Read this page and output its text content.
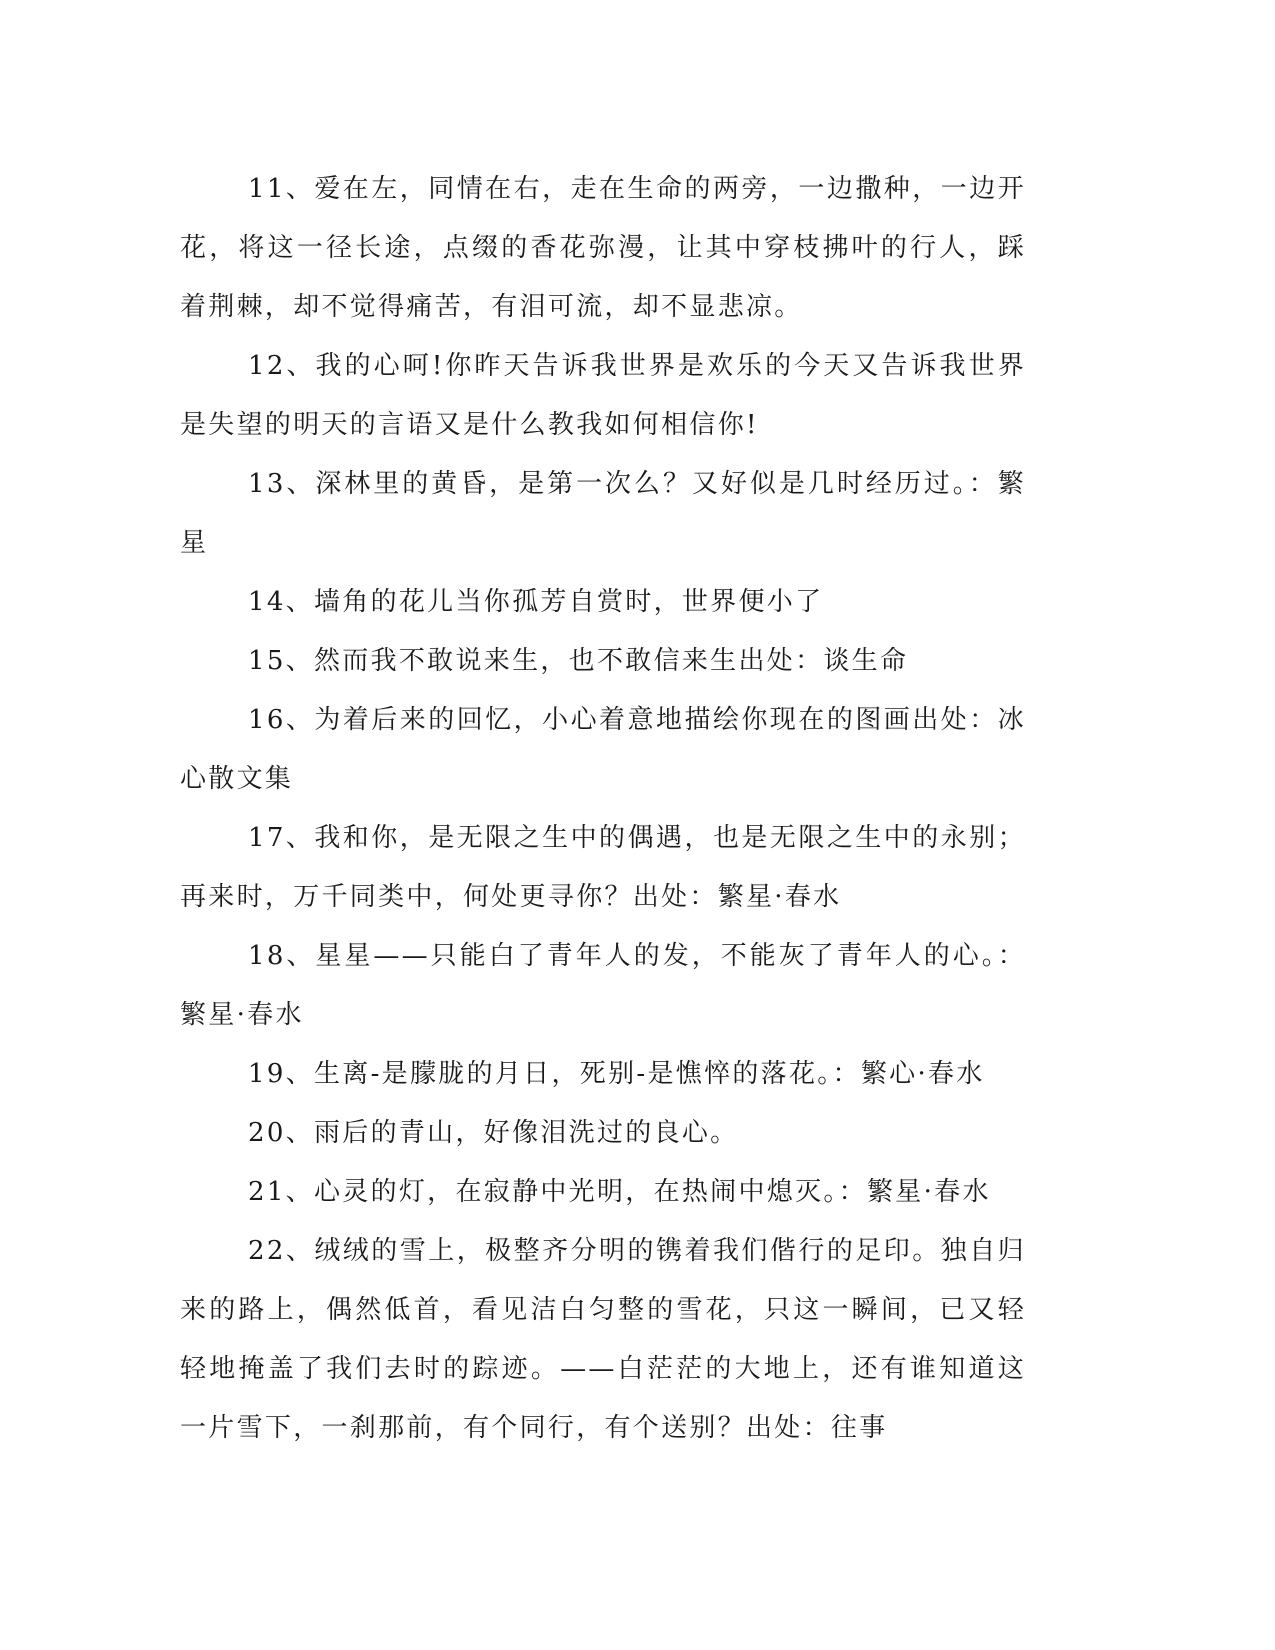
11、爱在左，同情在右，走在生命的两旁，一边撒种，一边开花，将这一径长途，点缀的香花弥漫，让其中穿枝拂叶的行人，踩着荆棘，却不觉得痛苦，有泪可流，却不显悲凉。

12、我的心呵!你昨天告诉我世界是欢乐的今天又告诉我世界是失望的明天的言语又是什么教我如何相信你!

13、深林里的黄昏，是第一次么？又好似是几时经历过。：繁星

14、墙角的花儿当你孤芳自赏时，世界便小了

15、然而我不敢说来生，也不敢信来生出处：谈生命

16、为着后来的回忆，小心着意地描绘你现在的图画出处：冰心散文集

17、我和你，是无限之生中的偶遇，也是无限之生中的永别；再来时，万千同类中，何处更寻你？出处：繁星·春水

18、星星——只能白了青年人的发，不能灰了青年人的心。：繁星·春水

19、生离-是朦胧的月日，死别-是憔悴的落花。：繁心·春水

20、雨后的青山，好像泪洗过的良心。

21、心灵的灯，在寂静中光明，在热闹中熄灭。：繁星·春水

22、绒绒的雪上，极整齐分明的镌着我们偕行的足印。独自归来的路上，偶然低首，看见洁白匀整的雪花，只这一瞬间，已又轻轻地掩盖了我们去时的踪迹。——白茫茫的大地上，还有谁知道这一片雪下，一刹那前，有个同行，有个送别？出处：往事
